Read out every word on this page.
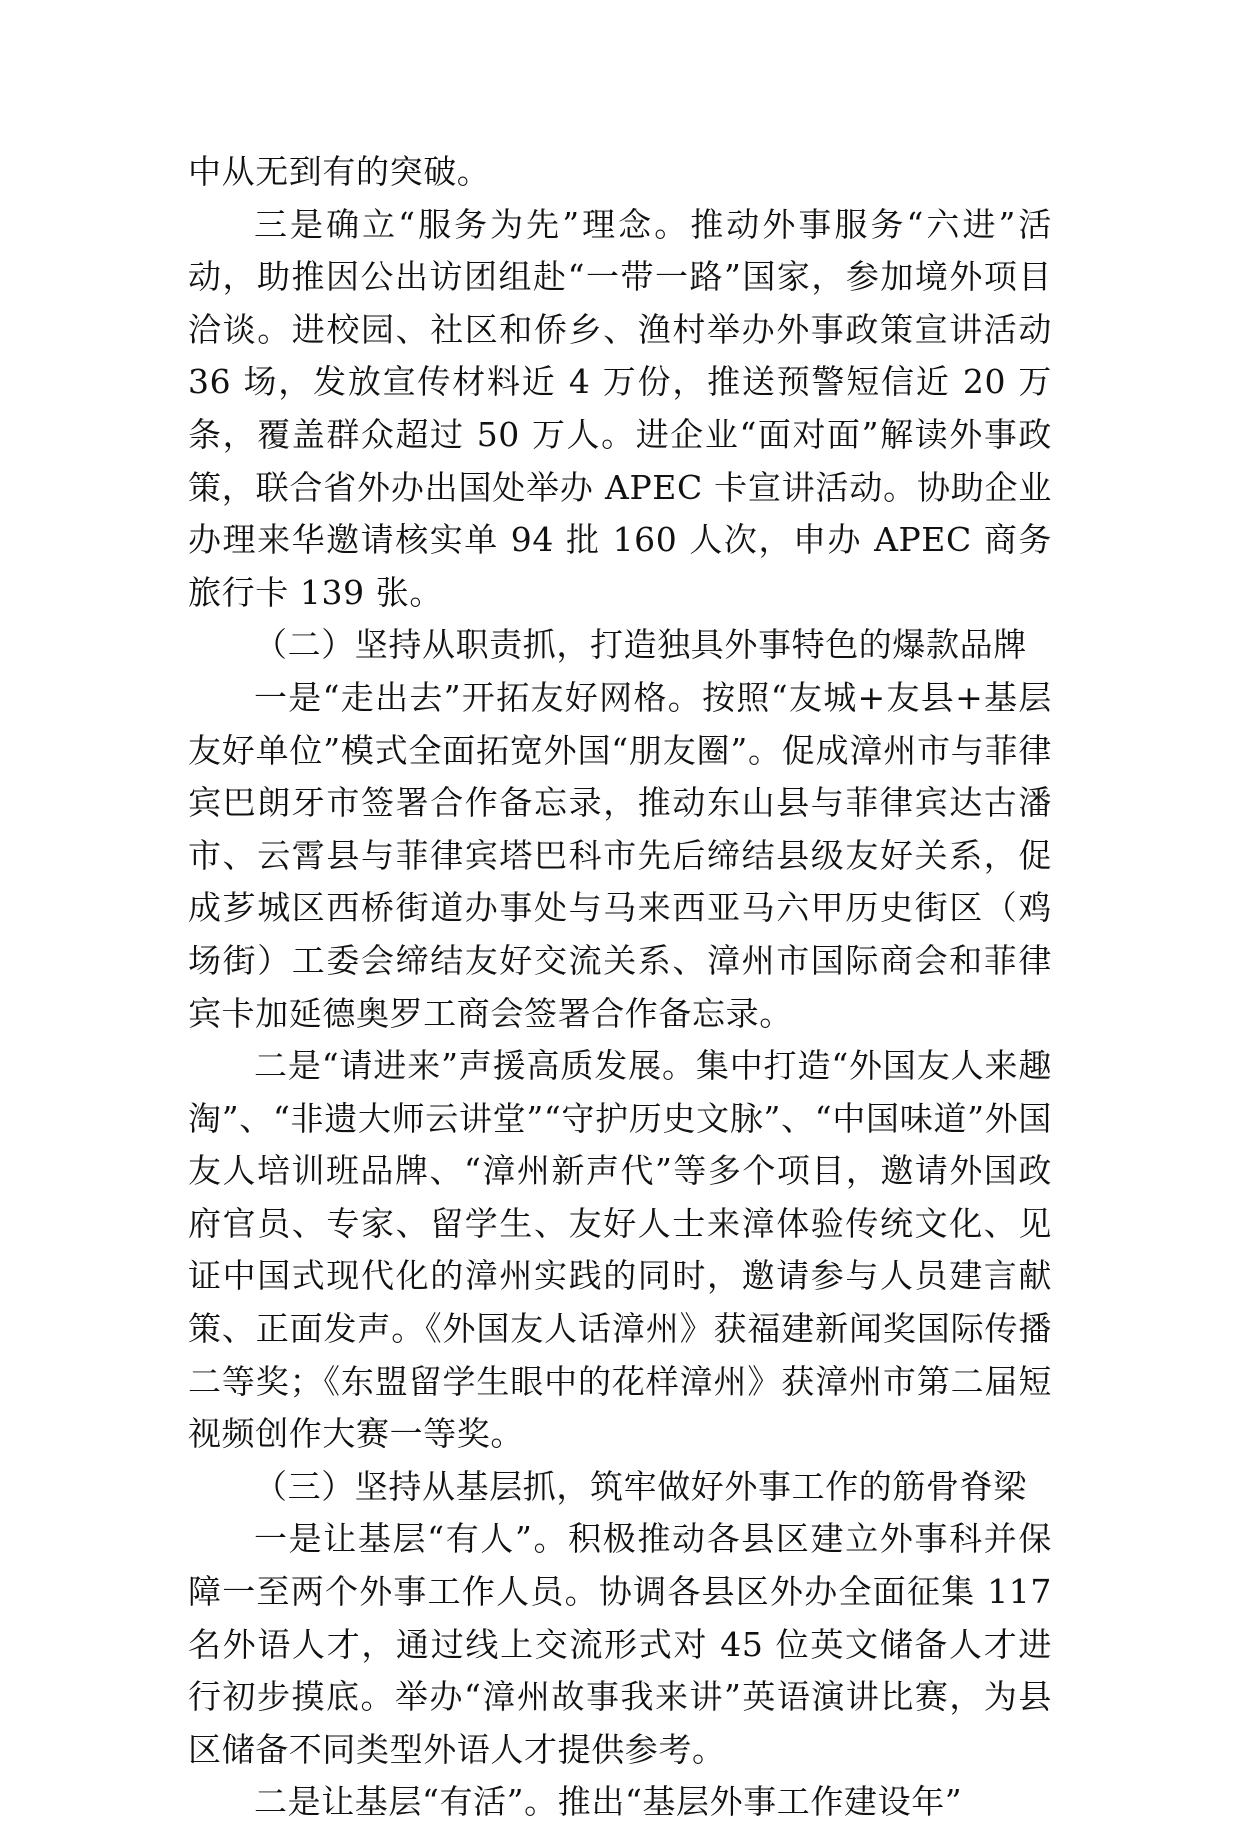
中从无到有的突破。

三是确立“服务为先”理念。推动外事服务“六进”活动，助推因公出访团组赴“一带一路”国家，参加境外项目洽谈。进校园、社区和侨乡、渔村举办外事政策宣讲活动 36 场，发放宣传材料近 4 万份，推送预警短信近 20 万条，覆盖群众超过 50 万人。进企业“面对面”解读外事政策，联合省外办出国处举办 APEC 卡宣讲活动。协助企业办理来华邀请核实单 94 批 160 人次，申办 APEC 商务旅行卡 139 张。

（二）坚持从职责抓，打造独具外事特色的爆款品牌

一是“走出去”开拓友好网格。按照“友城+友县+基层友好单位”模式全面拓宽外国“朋友圈”。促成漳州市与菲律宾巴朗牙市签署合作备忘录，推动东山县与菲律宾达古潘市、云霄县与菲律宾塔巴科市先后缔结县级友好关系，促成芗城区西桥街道办事处与马来西亚马六甲历史街区（鸡场街）工委会缔结友好交流关系、漳州市国际商会和菲律宾卡加延德奥罗工商会签署合作备忘录。

二是“请进来”声援高质发展。集中打造“外国友人来趣淘”、“非遗大师云讲堂”“守护历史文脉”、“中国味道”外国友人培训班品牌、“漳州新声代”等多个项目，邀请外国政府官员、专家、留学生、友好人士来漳体验传统文化、见证中国式现代化的漳州实践的同时，邀请参与人员建言献策、正面发声。《外国友人话漳州》获福建新闻奖国际传播二等奖；《东盟留学生眼中的花样漳州》获漳州市第二届短视频创作大赛一等奖。

（三）坚持从基层抓，筑牢做好外事工作的筋骨脊梁

一是让基层“有人”。积极推动各县区建立外事科并保障一至两个外事工作人员。协调各县区外办全面征集 117 名外语人才，通过线上交流形式对 45 位英文储备人才进行初步摸底。举办“漳州故事我来讲”英语演讲比赛，为县区储备不同类型外语人才提供参考。

二是让基层“有活”。推出“基层外事工作建设年”
